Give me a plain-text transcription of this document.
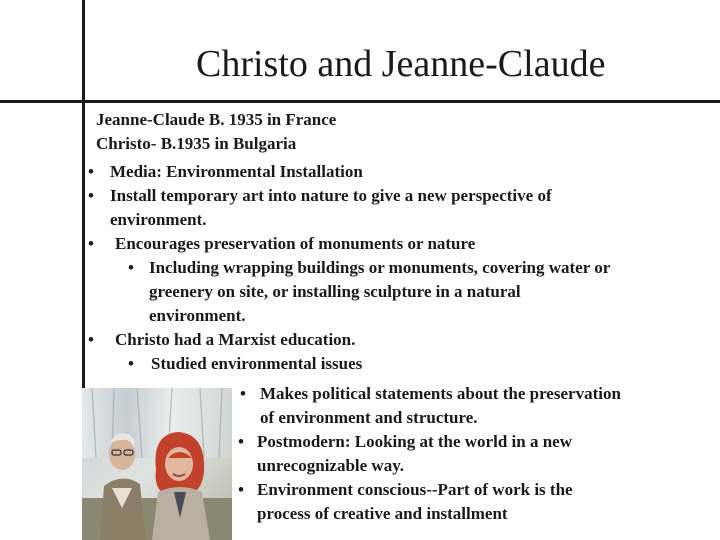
Christo and Jeanne-Claude
Jeanne-Claude B. 1935 in France
Christo- B.1935 in Bulgaria
• Media: Environmental Installation
• Install temporary art into nature to give a new perspective of
environment.
• Encourages preservation of monuments or nature
• Including wrapping buildings or monuments, covering water or
greenery on site, or installing sculpture in a natural
environment.
• Christo had a Marxist education.
• Studied environmental issues
• Makes political statements about the preservation
of environment and structure.
• Postmodern: Looking at the world in a new
unrecognizable way.
• Environment conscious--Part of work is the
process of creative and installment
